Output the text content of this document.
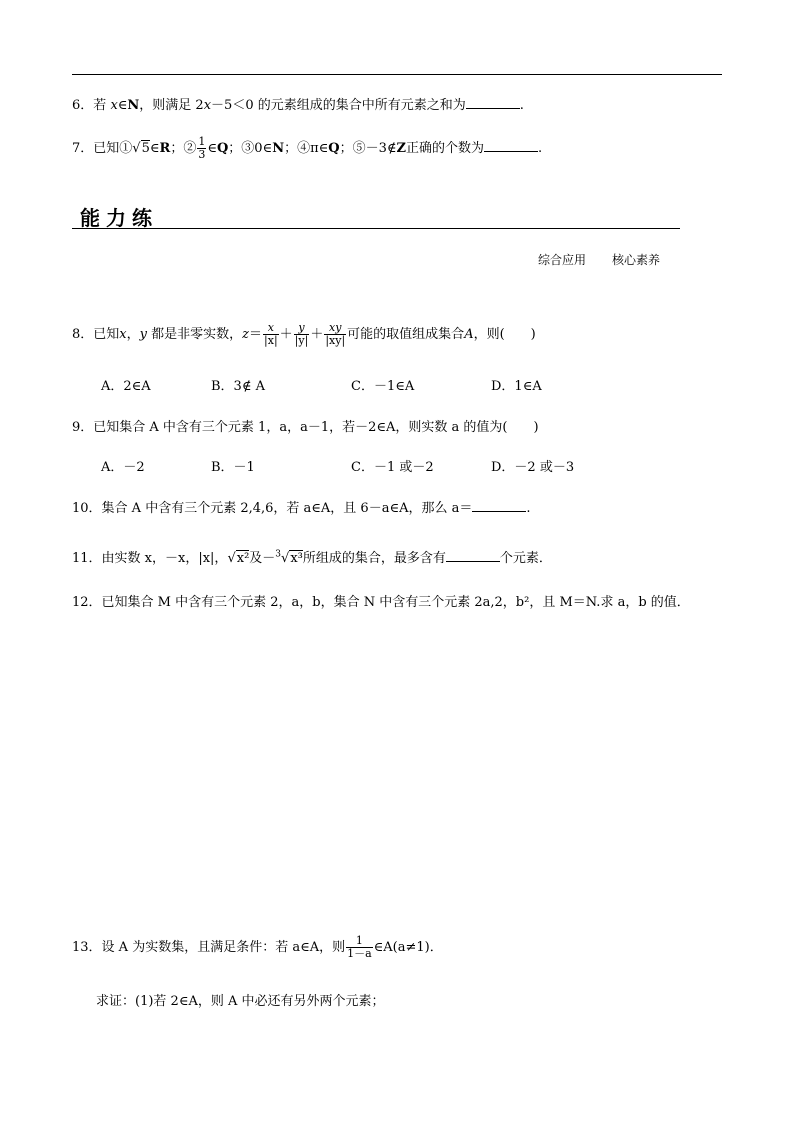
6．若 x∈N，则满足 2x－5＜0 的元素组成的集合中所有元素之和为	.
7．已知①√5∈R；② $\frac{1}{3}$ ∈Q；③0∈N；④π∈Q；⑤－3∉Z正确的个数为	.
能力练
综合应用 核心素养
8．已知x，y 都是非零实数，$z=\frac{x}{|x|} +\frac{y}{|y|} +\frac{xy}{|xy|}$ 可能的取值组成集合A，则(　　)
A．2∈A	B．3∉ A	C．－1∈A	D．1∈A
9．已知集合 A 中含有三个元素 1，a，a－1，若－2∈A，则实数 a 的值为(　　)
A．－2	B．－1	C．－1 或－2	D．－2 或－3
10．集合 A 中含有三个元素 2,4,6，若 a∈A，且 6－a∈A，那么 a＝	.
11．由实数 x，－x，|x|，√x²及－$^3$√x³所组成的集合，最多含有	个元素．
12．已知集合 M 中含有三个元素 2，a，b，集合 N 中含有三个元素 2a,2，b²，且 M＝N.求 a，b 的值．
13．设 A 为实数集，且满足条件：若 a∈A，则 $\frac{1}{1-a}$ ∈A(a≠1)．
求证：(1)若 2∈A，则 A 中必还有另外两个元素；
